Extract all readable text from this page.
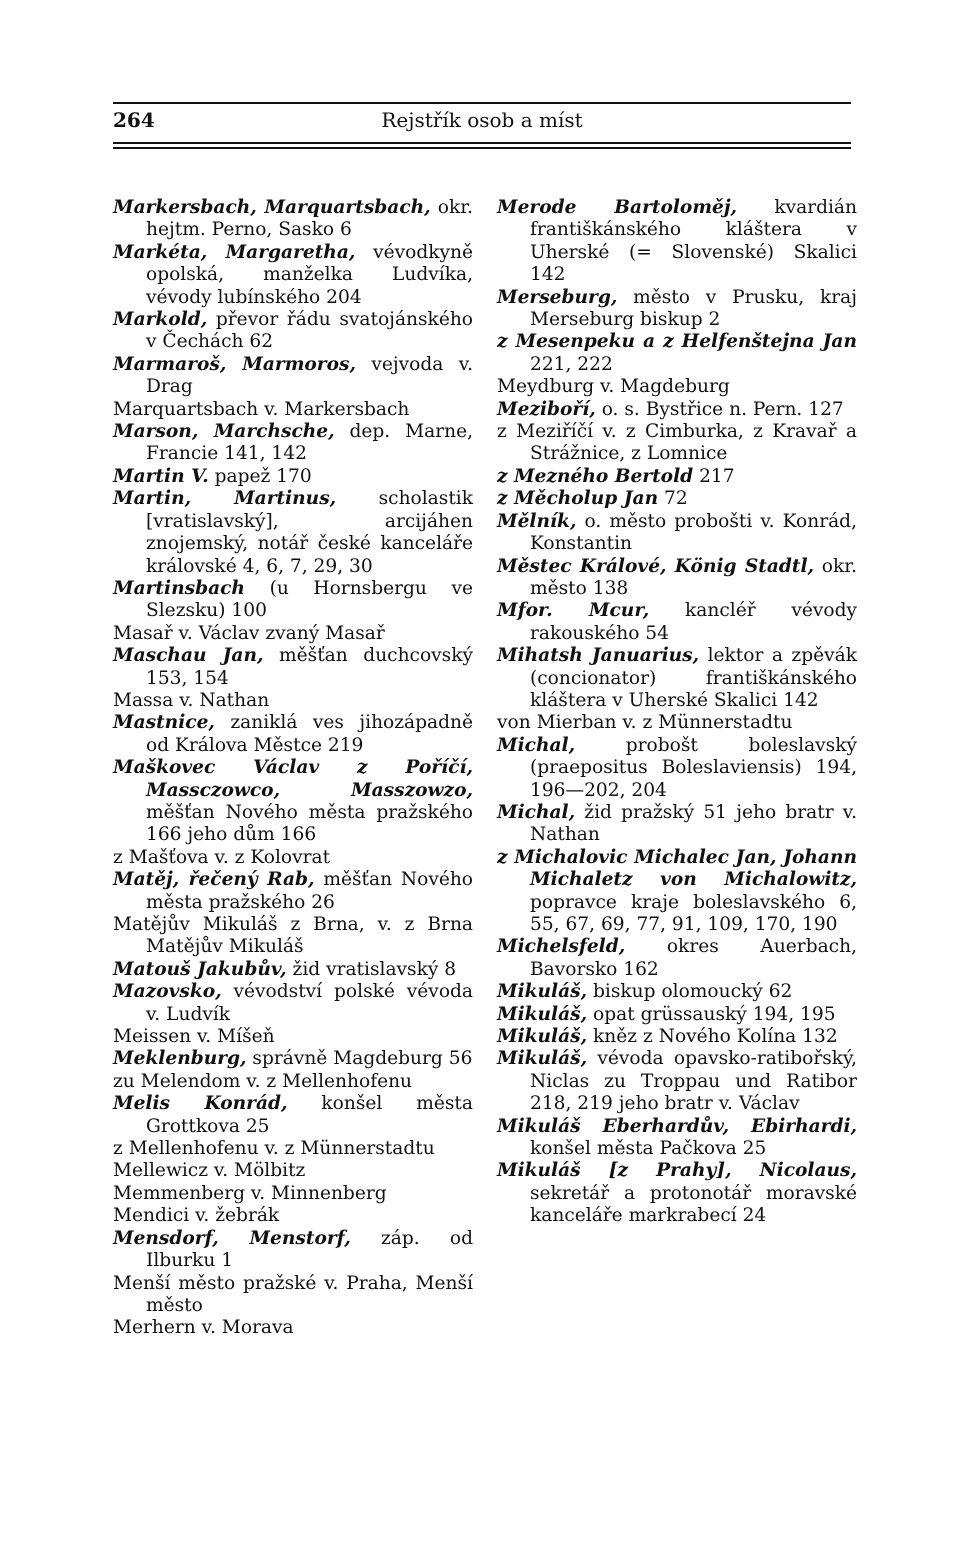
264	Rejstřík osob a míst

Markersbach, Marquartsbach, okr. hejtm. Perno, Sasko 6

Markéta, Margaretha, vévodkyně opolská, manželka Ludvíka, vévody lubínského 204

Markold, převor řádu svatojánského v Čechách 62

Marmaroš, Marmoros, vejvoda v. Drag

Marquartsbach v. Markersbach

Marson, Marchsche, dep. Marne, Francie 141, 142

Martin V. papež 170

Martin, Martinus, scholastik [vratislavský], arcijáhen znojemský, notář české kanceláře královské 4, 6, 7, 29, 30

Martinsbach (u Hornsbergu ve Slezsku) 100

Masař v. Václav zvaný Masař

Maschau Jan, měšťan duchcovský 153, 154

Massa v. Nathan

Mastnice, zaniklá ves jihozápadně od Králova Městce 219

Maškovec Václav z Poříčí, Massczowco, Masszowzo, měšťan Nového města pražského 166 jeho dům 166

z Mašťova v. z Kolovrat

Matěj, řečený Rab, měšťan Nového města pražského 26

Matějův Mikuláš z Brna, v. z Brna Matějův Mikuláš

Matouš Jakubův, žid vratislavský 8

Mazovsko, vévodství polské vévoda v. Ludvík

Meissen v. Míšeň

Meklenburg, správně Magdeburg 56

zu Melendom v. z Mellenhofenu

Melis Konrád, konšel města Grottkova 25

z Mellenhofenu v. z Münnerstadtu

Mellewicz v. Mölbitz

Memmenberg v. Minnenberg

Mendici v. žebrák

Mensdorf, Menstorf, záp. od Ilburku 1

Menší město pražské v. Praha, Menší město

Merhern v. Morava

Merode Bartoloměj, kvardián františkánského kláštera v Uherské (= Slovenské) Skalici 142

Merseburg, město v Prusku, kraj Merseburg biskup 2

z Mesenpeku a z Helfenštejna Jan 221, 222

Meydburg v. Magdeburg

Meziboří, o. s. Bystřice n. Pern. 127

z Meziříčí v. z Cimburka, z Kravař a Strážnice, z Lomnice

z Mezného Bertold 217

z Měcholup Jan 72

Mělník, o. město probošti v. Konrád, Konstantin

Městec Králové, König Stadtl, okr. město 138

Mfor. Mcur, kancléř vévody rakouského 54

Mihatsh Januarius, lektor a zpěvák (concionator) františkánského kláštera v Uherské Skalici 142

von Mierban v. z Münnerstadtu

Michal, probošt boleslavský (praepositus Boleslaviensis) 194, 196—202, 204

Michal, žid pražský 51 jeho bratr v. Nathan

z Michalovic Michalec Jan, Johann Michaletz von Michalowitz, popravce kraje boleslavského 6, 55, 67, 69, 77, 91, 109, 170, 190

Michelsfeld, okres Auerbach, Bavorsko 162

Mikuláš, biskup olomoucký 62

Mikuláš, opat grüssauský 194, 195

Mikuláš, kněz z Nového Kolína 132

Mikuláš, vévoda opavsko-ratibořský, Niclas zu Troppau und Ratibor 218, 219 jeho bratr v. Václav

Mikuláš Eberhardův, Ebirhardi, konšel města Pačkova 25

Mikuláš [z Prahy], Nicolaus, sekretář a protonotář moravské kanceláře markrabecí 24
